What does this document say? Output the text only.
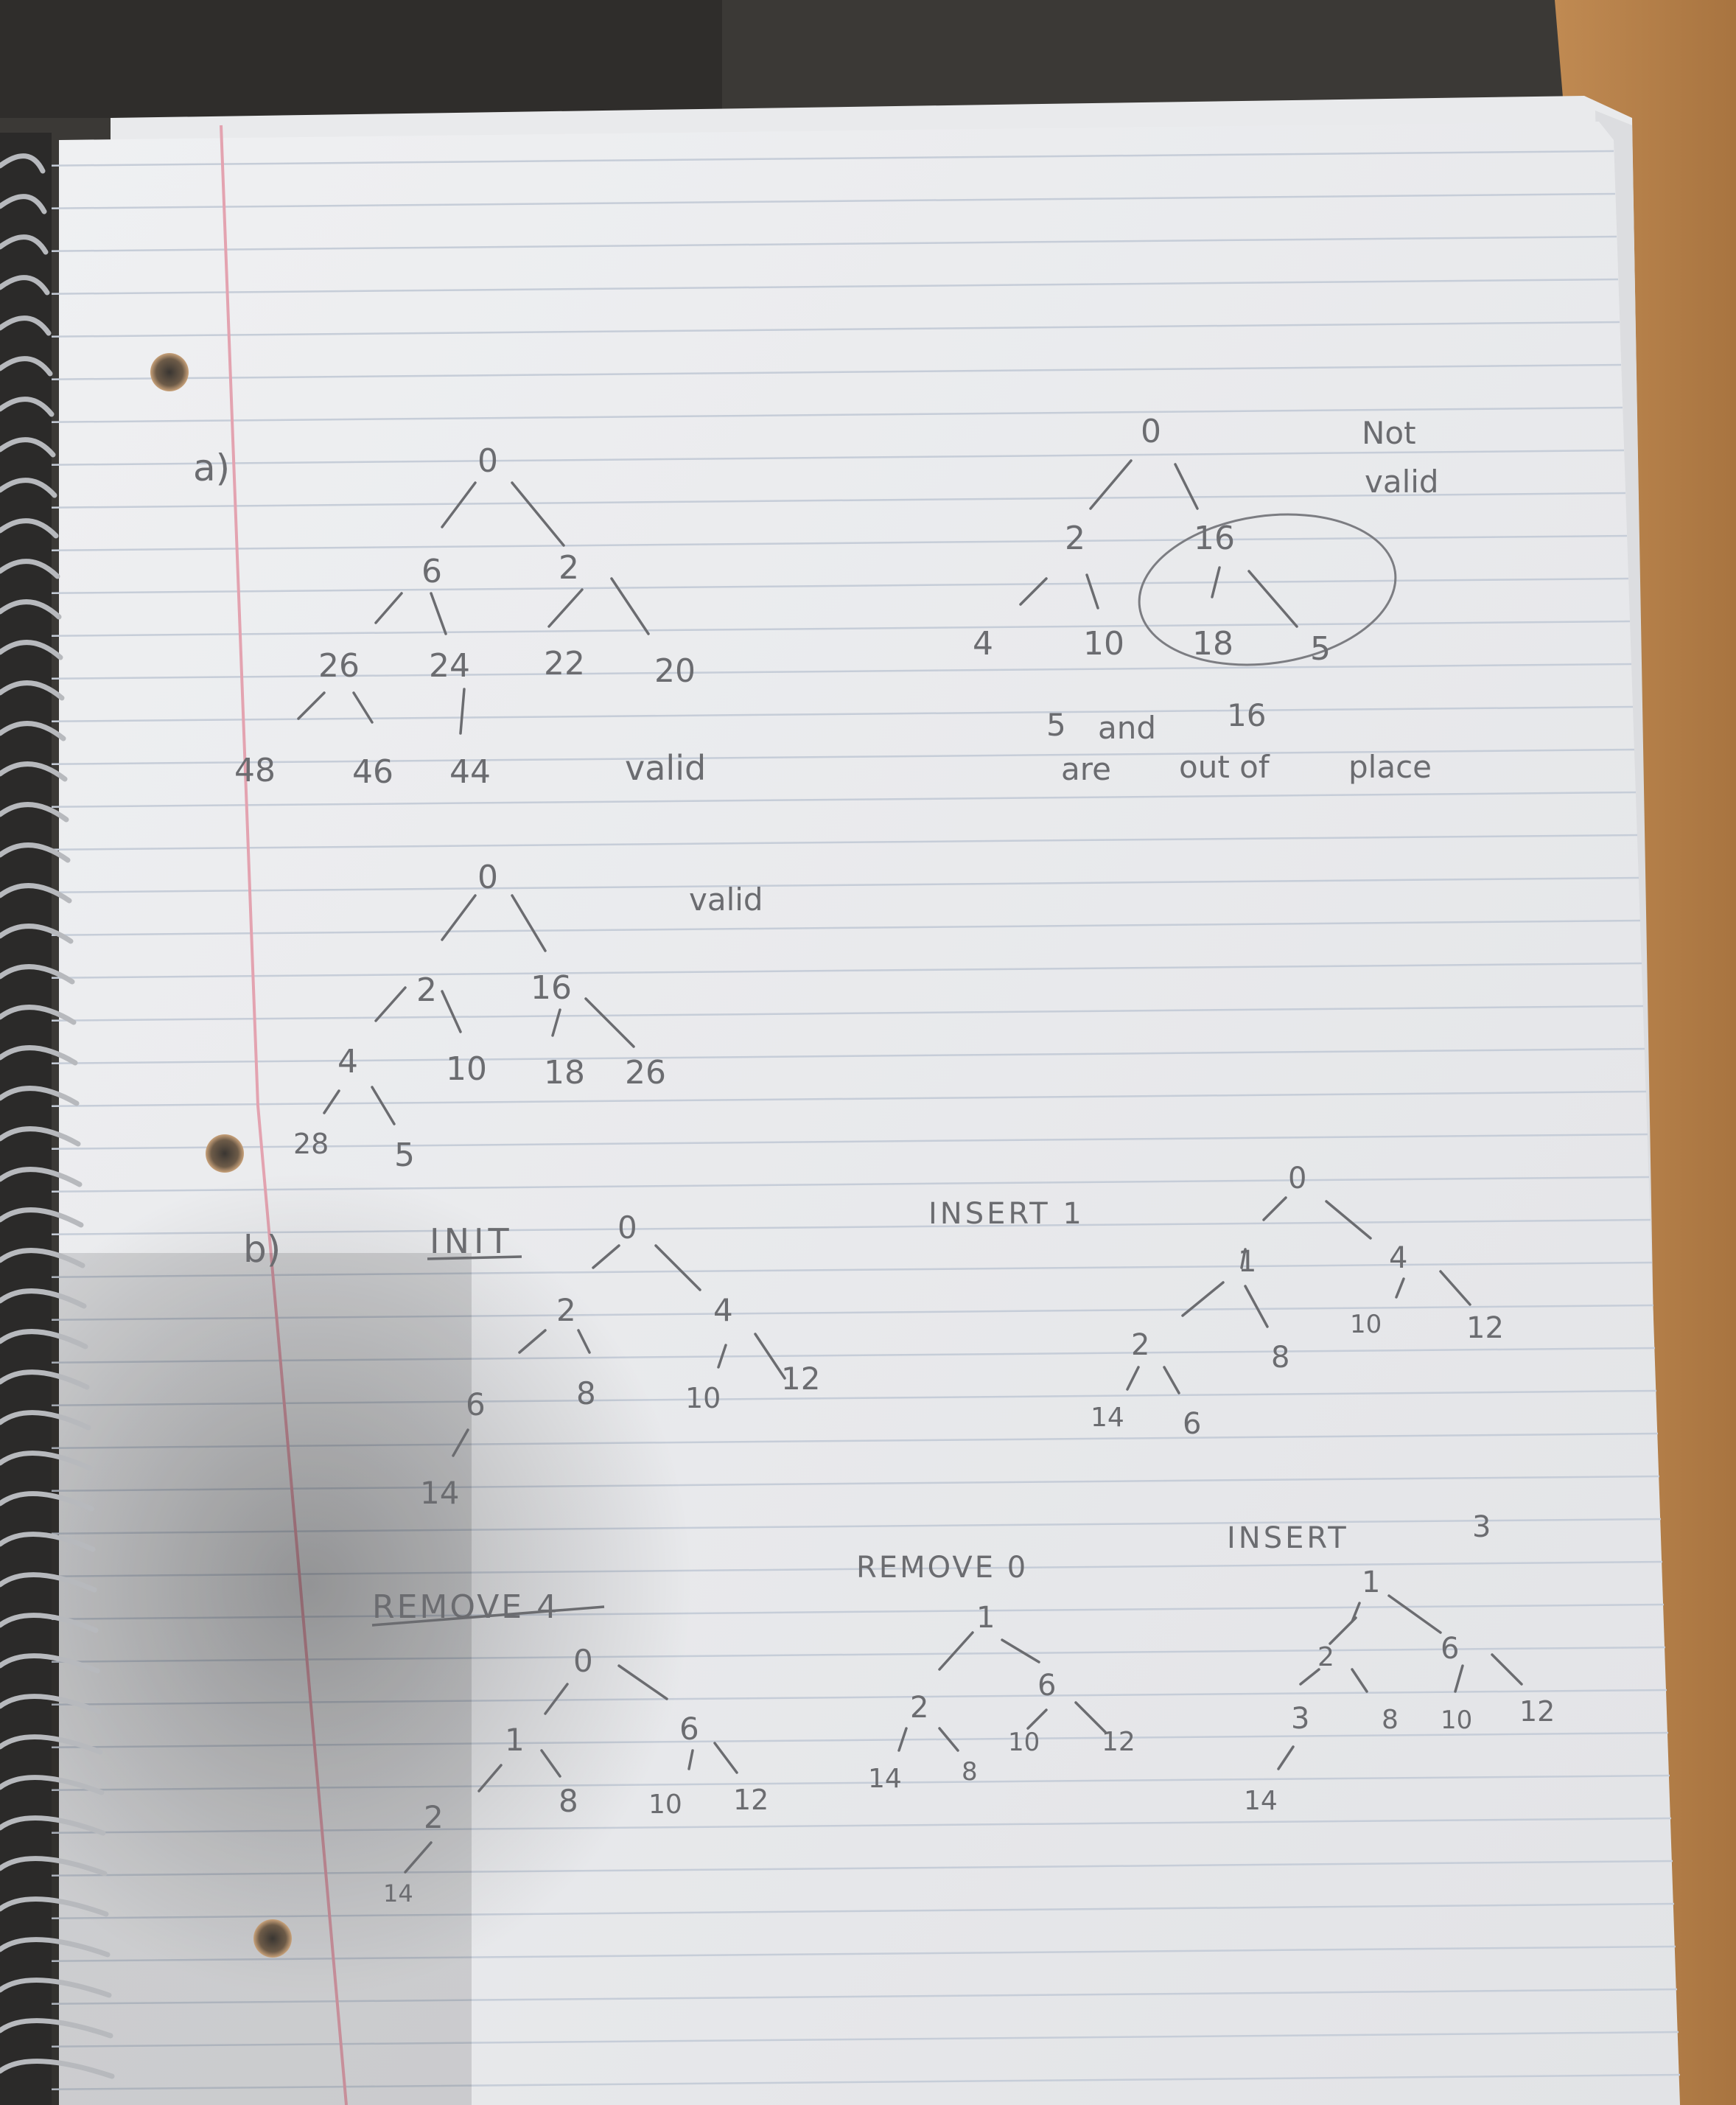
a)	0
6	2
26 24 22 20
48 46 44	valid
0
2	16
4	10 18 5
Not
valid
5 and 16
are out of	place
0
2	16
4	10 18 26
28 5
valid
b)	INIT	0
2	4
6	8	10
12
14
INSERT 1
0
1	4
2	8
10	12
14 6
REMOVE 4
0
1	6
2	8	10 12
14
REMOVE 0
1
2
6
14 8
10 12
INSERT	3
1
2	6
3	8 10 12
14
